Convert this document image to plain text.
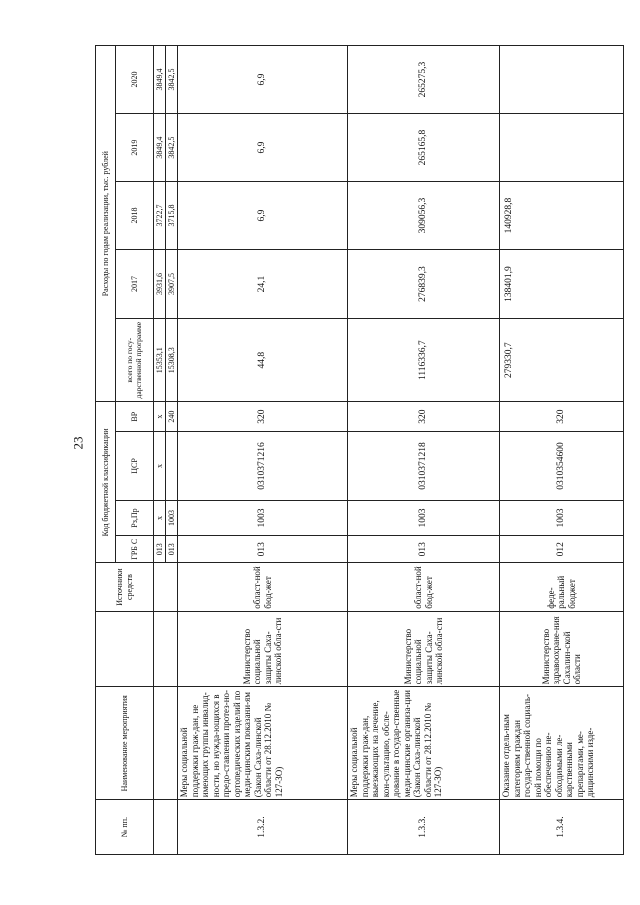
23
№ пп.	Наименование мероприятия		Источники средств	Код бюджетной классификации				Расходы по годам реализации, тыс. рублей				
				ГРБ С	Рз,Пр	ЦСР	ВР	всего по госу-дарственной программе	2017	2018	2019	2020
				013	x	x	x	15353,1	3931,6	3722,7	3849,4	3849,4
				013	1003		240	15308,3	3907,5	3715,8	3842,5	3842,5
1.3.2.	Меры социальной поддержки граж-дан, не имеющих группы инвалид-ности, но нужда-ющихся в предо-ставлении протез-но-ортопедических изделий по меди-цинским показани-ям (Закон Саха-линской области от 28.12.2010 № 127-ЗО)	Министерство социальной защиты Саха-линской обла-сти	област-ной бюд-жет	013	1003	0310371216	320	44,8	24,1	6,9	6,9	6,9
1.3.3.	Меры социальной поддержки граж-дан, выезжающих на лечение, кон-сультацию, обсле-дование в госудaр-ственные меди-цинские организа-ции (Закон Саха-линской области от 28.12.2010 № 127-ЗО)	Министерство социальной защиты Саха-линской обла-сти	област-ной бюд-жет	013	1003	0310371218	320	1116336,7	276839,3	309056,3	265165,8	265275,3
1.3.4.	Оказание отдель-ным категориям граждан государ-ственной социаль-ной помощи по обеспечению не-обходимыми ле-карственными препаратами, ме-дицинскими изде-	Министерство здравоохране-ния Сахалин-ской области	феде-ральный бюджет	012	1003	0310354600	320	279330,7	138401,9	140928,8		
